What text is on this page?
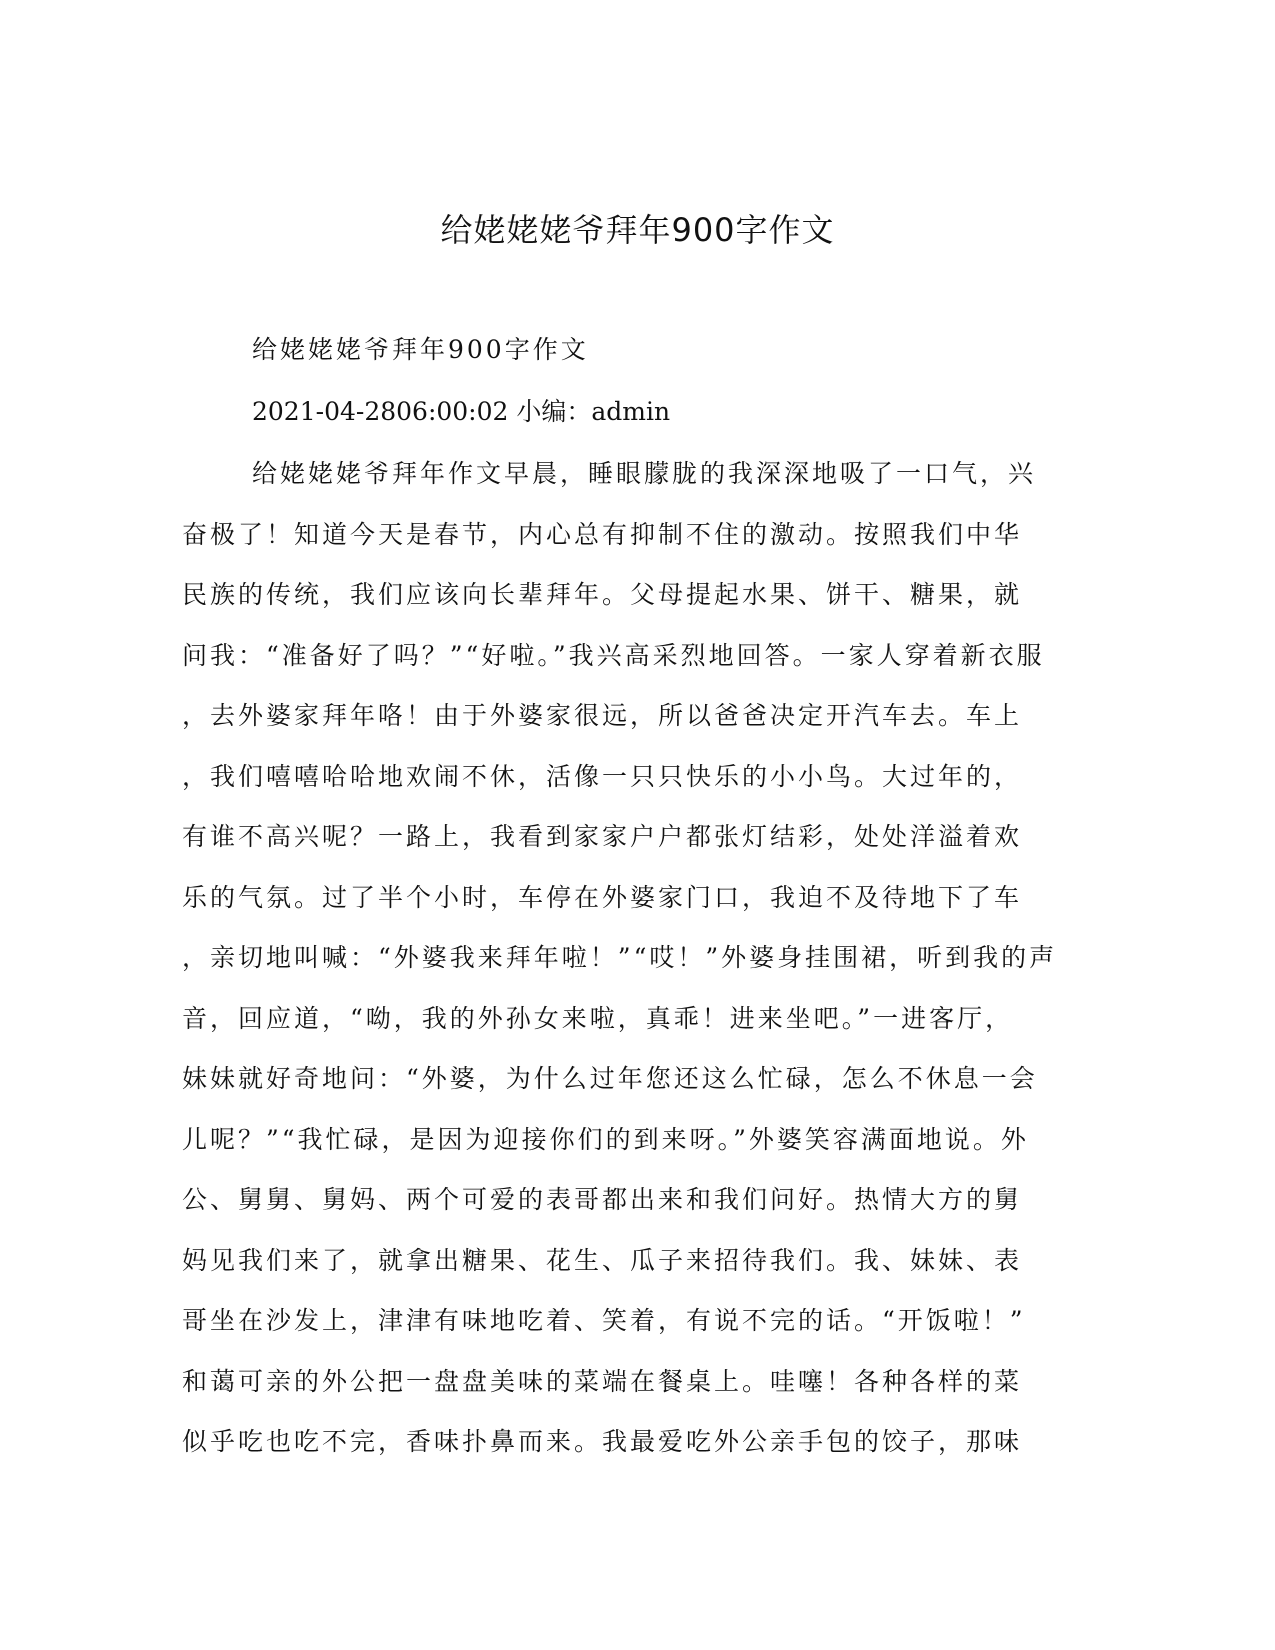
给姥姥姥爷拜年900字作文

给姥姥姥爷拜年900字作文

2021-04-2806:00:02 小编：admin

给姥姥姥爷拜年作文早晨，睡眼朦胧的我深深地吸了一口气，兴
奋极了！知道今天是春节，内心总有抑制不住的激动。按照我们中华
民族的传统，我们应该向长辈拜年。父母提起水果、饼干、糖果，就
问我：“准备好了吗？”“好啦。”我兴高采烈地回答。一家人穿着新衣服
，去外婆家拜年咯！由于外婆家很远，所以爸爸决定开汽车去。车上
，我们嘻嘻哈哈地欢闹不休，活像一只只快乐的小小鸟。大过年的，
有谁不高兴呢？一路上，我看到家家户户都张灯结彩，处处洋溢着欢
乐的气氛。过了半个小时，车停在外婆家门口，我迫不及待地下了车
，亲切地叫喊：“外婆我来拜年啦！”“哎！”外婆身挂围裙，听到我的声
音，回应道，“呦，我的外孙女来啦，真乖！进来坐吧。”一进客厅，
妹妹就好奇地问：“外婆，为什么过年您还这么忙碌，怎么不休息一会
儿呢？”“我忙碌，是因为迎接你们的到来呀。”外婆笑容满面地说。外
公、舅舅、舅妈、两个可爱的表哥都出来和我们问好。热情大方的舅
妈见我们来了，就拿出糖果、花生、瓜子来招待我们。我、妹妹、表
哥坐在沙发上，津津有味地吃着、笑着，有说不完的话。“开饭啦！”
和蔼可亲的外公把一盘盘美味的菜端在餐桌上。哇噻！各种各样的菜
似乎吃也吃不完，香味扑鼻而来。我最爱吃外公亲手包的饺子，那味
